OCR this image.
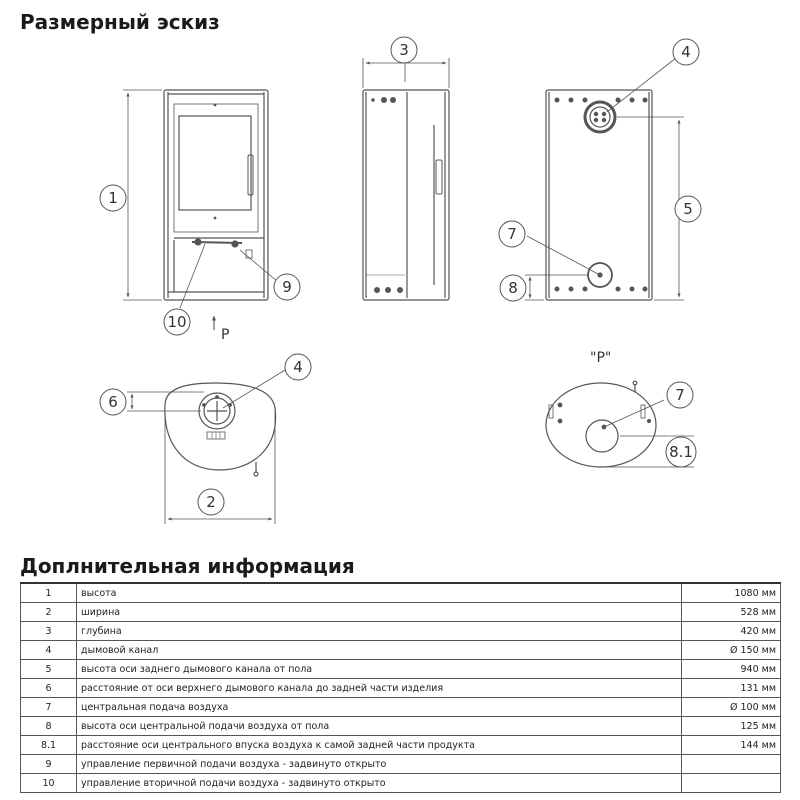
Размерный эскиз
P
"P"
1
2
3	4
4
5
6
7
7
8
8.1
9
10
Доплнительная информация
1	высота	1080 мм
2	ширина	528 мм
3	глубина	420 мм
4	дымовой канал	Ø 150 мм
5	высота оси заднего дымового канала от пола	940 мм
6	расстояние от оси верхнего дымового канала до задней части изделия	131 мм
7	центральная подача воздуха	Ø 100 мм
8	высота оси центральной подачи воздуха от пола	125 мм
8.1	расстояние оси центрального впуска воздуха к самой задней части продукта	144 мм
9	управление первичной подачи воздуха - задвинуто открыто	
10	управление вторичной подачи воздуха - задвинуто открыто	
